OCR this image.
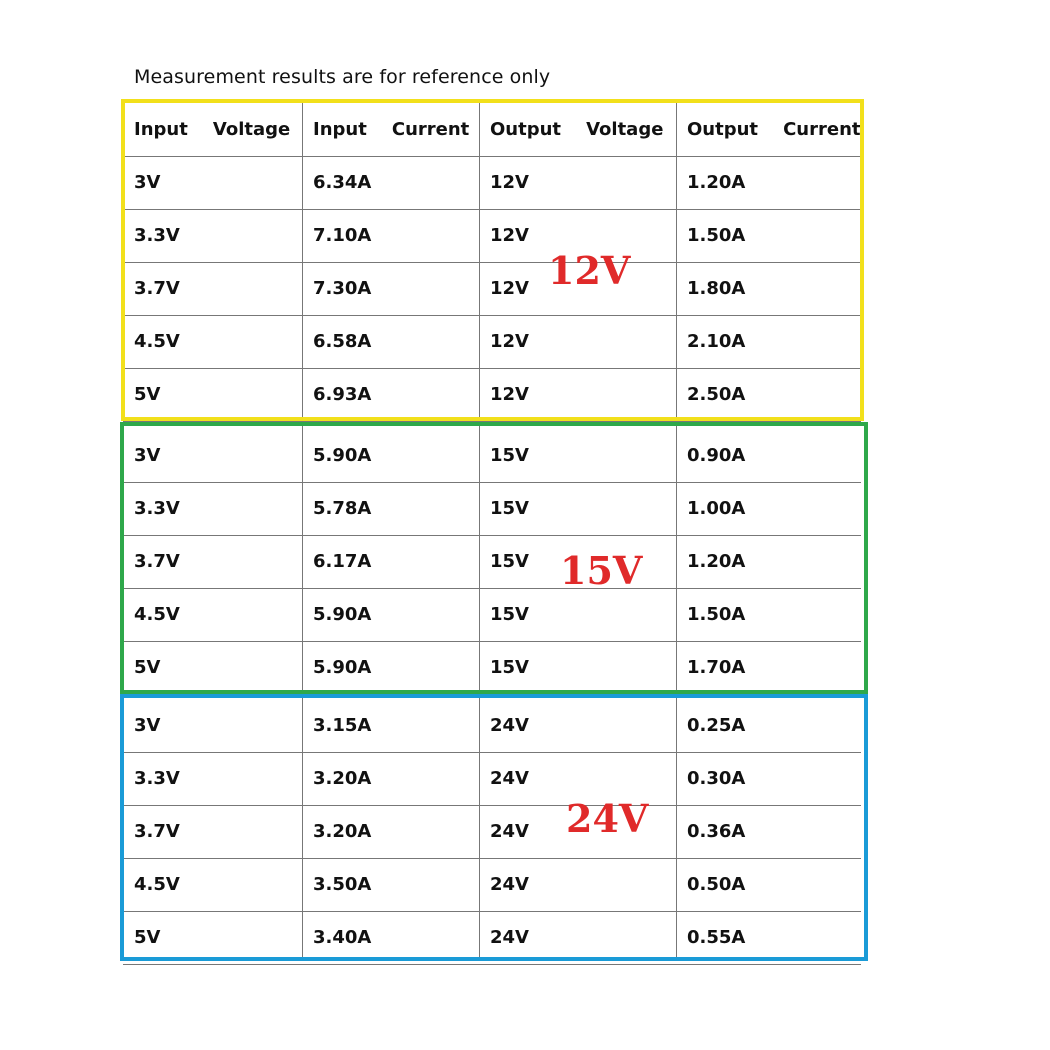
Measurement results are for reference only
Input    Voltage	Input    Current	Output    Voltage	Output    Current
3V	6.34A	12V	1.20A
3.3V	7.10A	12V	1.50A
3.7V	7.30A	12V	1.80A
4.5V	6.58A	12V	2.10A
5V	6.93A	12V	2.50A
3V	5.90A	15V	0.90A
3.3V	5.78A	15V	1.00A
3.7V	6.17A	15V	1.20A
4.5V	5.90A	15V	1.50A
5V	5.90A	15V	1.70A
3V	3.15A	24V	0.25A
3.3V	3.20A	24V	0.30A
3.7V	3.20A	24V	0.36A
4.5V	3.50A	24V	0.50A
5V	3.40A	24V	0.55A
12V
15V
24V
